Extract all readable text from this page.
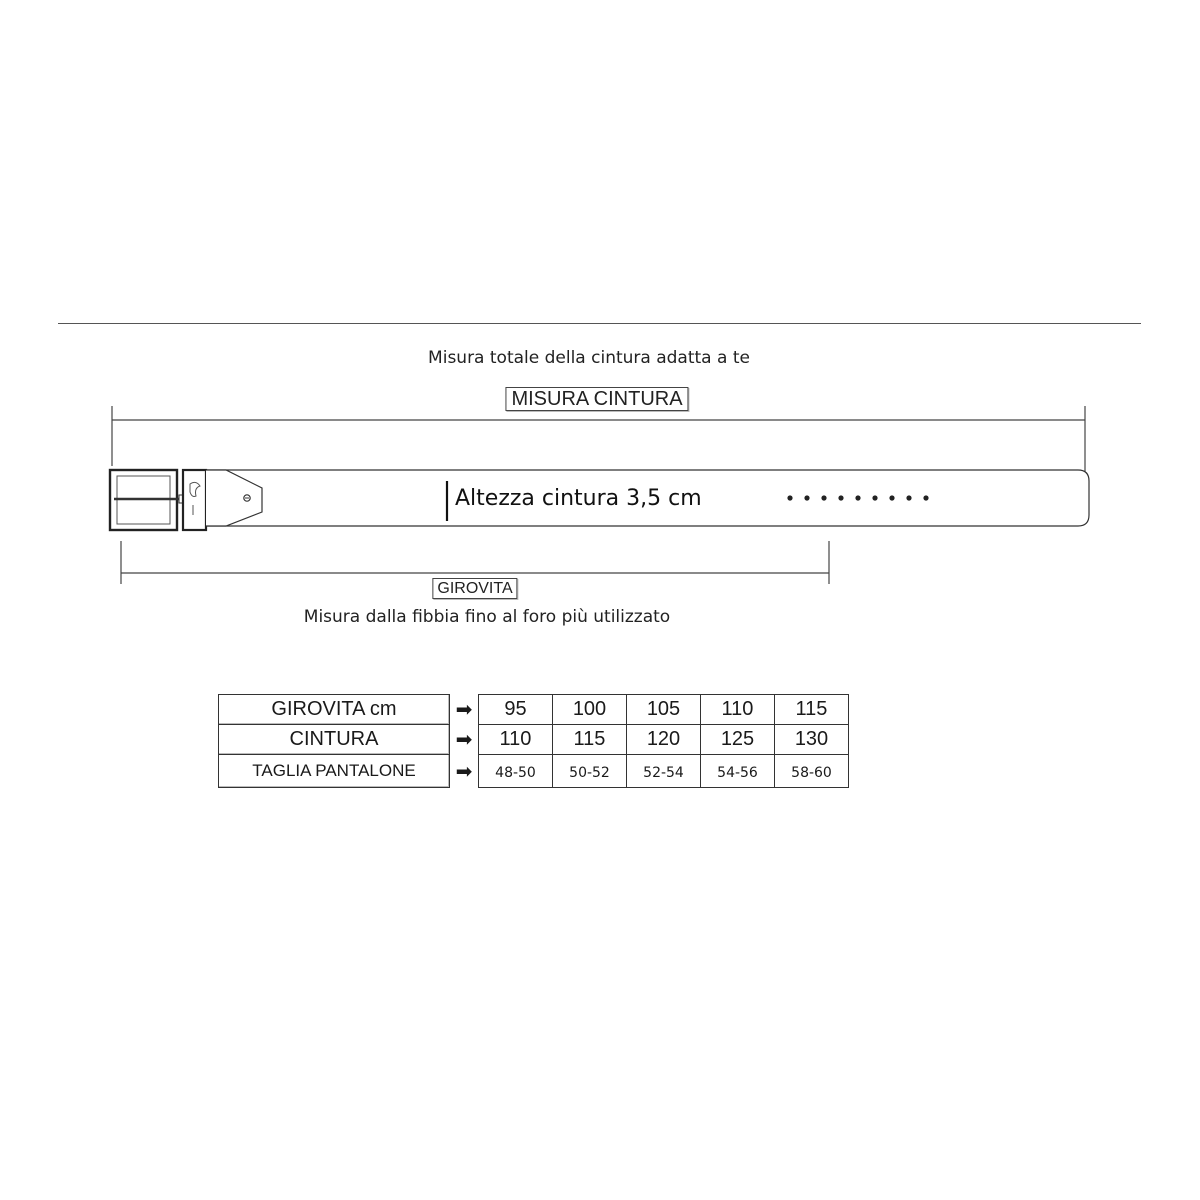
Misura totale della cintura adatta a te
MISURA CINTURA
Altezza cintura 3,5 cm
GIROVITA
Misura dalla fibbia fino al foro più utilizzato
GIROVITA cm	➡	95	100	105	110	115
CINTURA	➡	110	115	120	125	130
TAGLIA PANTALONE	➡	48-50	50-52	52-54	54-56	58-60
